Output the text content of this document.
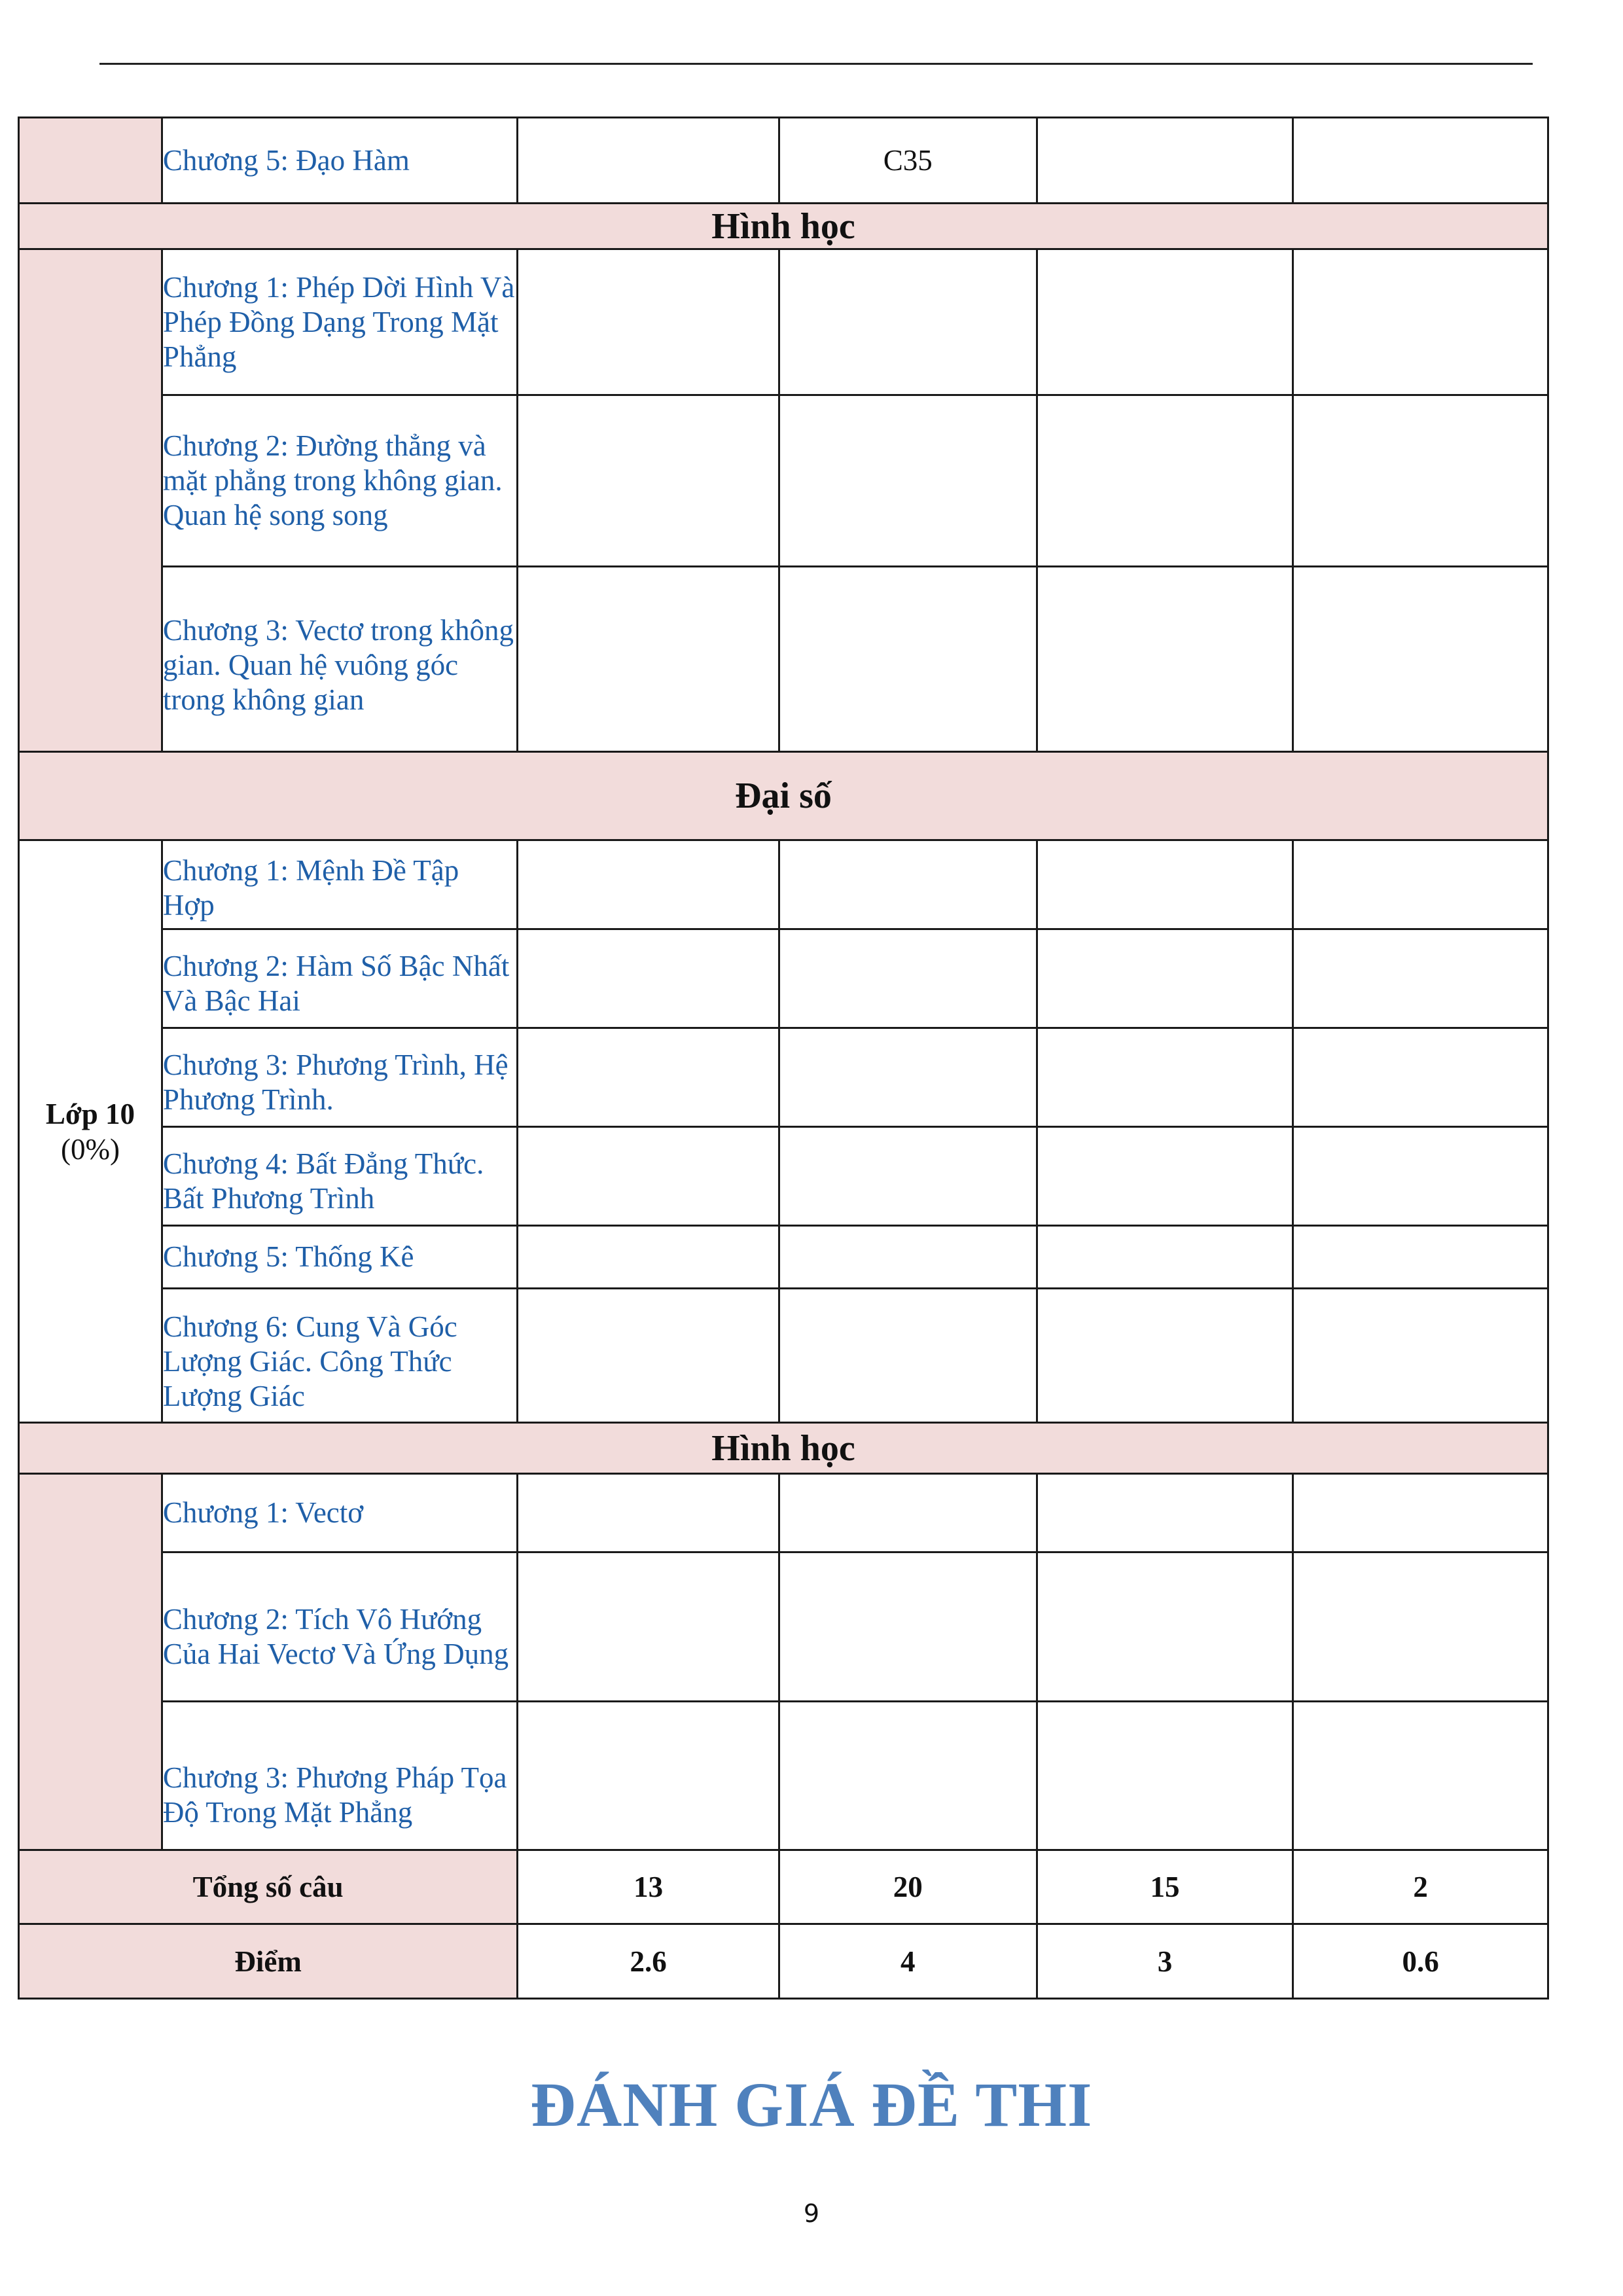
	Chương 5: Đạo Hàm		C35		
Hình học					
	Chương 1: Phép Dời Hình Và Phép Đồng Dạng Trong Mặt Phẳng				
	Chương 2: Đường thẳng và mặt phẳng trong không gian. Quan hệ song song				
	Chương 3: Vectơ trong không gian. Quan hệ vuông góc trong không gian				
Đại số					

Lớp 10
(0%)	Chương 1: Mệnh Đề Tập Hợp				
	Chương 2: Hàm Số Bậc Nhất Và Bậc Hai				
	Chương 3: Phương Trình, Hệ Phương Trình.				
	Chương 4: Bất Đẳng Thức. Bất Phương Trình				
	Chương 5: Thống Kê				
	Chương 6: Cung Và Góc Lượng Giác. Công Thức Lượng Giác				
Hình học					
	Chương 1: Vectơ				
	Chương 2: Tích Vô Hướng Của Hai Vectơ Và Ứng Dụng				
	Chương 3: Phương Pháp Tọa Độ Trong Mặt Phẳng				
Tổng số câu		13	20	15	2
Điểm		2.6	4	3	0.6
ĐÁNH GIÁ ĐỀ THI
9
